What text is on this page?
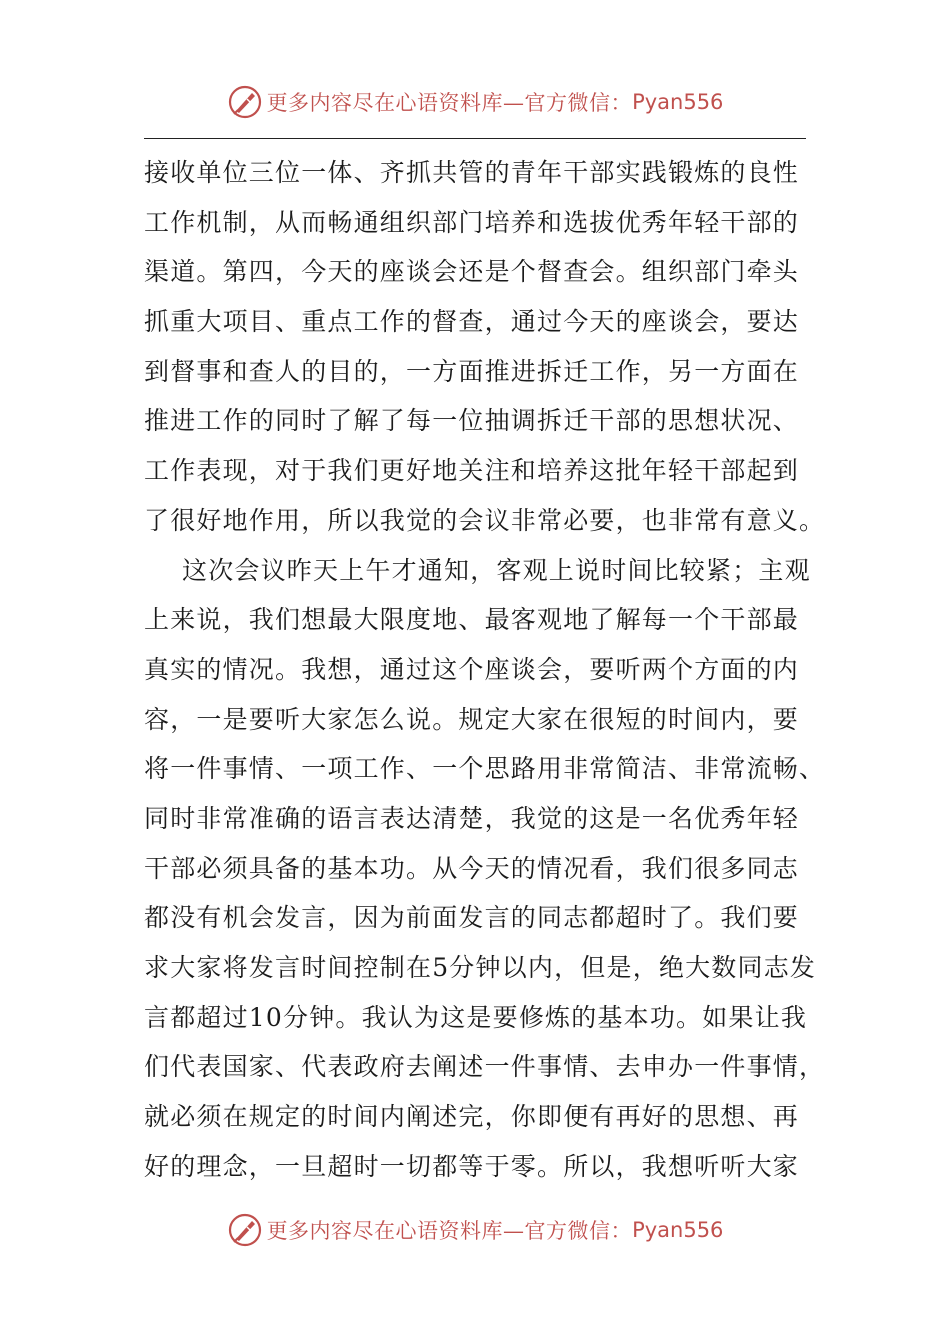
更多内容尽在心语资料库—官方微信： Pyan556
接收单位三位一体、齐抓共管的青年干部实践锻炼的良性
工作机制，从而畅通组织部门培养和选拔优秀年轻干部的
渠道。第四，今天的座谈会还是个督查会。组织部门牵头
抓重大项目、重点工作的督查，通过今天的座谈会，要达
到督事和查人的目的，一方面推进拆迁工作，另一方面在
推进工作的同时了解了每一位抽调拆迁干部的思想状况、
工作表现，对于我们更好地关注和培养这批年轻干部起到
了很好地作用，所以我觉的会议非常必要，也非常有意义。
这次会议昨天上午才通知，客观上说时间比较紧；主观
上来说，我们想最大限度地、最客观地了解每一个干部最
真实的情况。我想，通过这个座谈会，要听两个方面的内
容，一是要听大家怎么说。规定大家在很短的时间内，要
将一件事情、一项工作、一个思路用非常简洁、非常流畅、
同时非常准确的语言表达清楚，我觉的这是一名优秀年轻
干部必须具备的基本功。从今天的情况看，我们很多同志
都没有机会发言，因为前面发言的同志都超时了。我们要
求大家将发言时间控制在5分钟以内，但是，绝大数同志发
言都超过10分钟。我认为这是要修炼的基本功。如果让我
们代表国家、代表政府去阐述一件事情、去申办一件事情，
就必须在规定的时间内阐述完，你即便有再好的思想、再
好的理念，一旦超时一切都等于零。所以，我想听听大家
更多内容尽在心语资料库—官方微信： Pyan556
